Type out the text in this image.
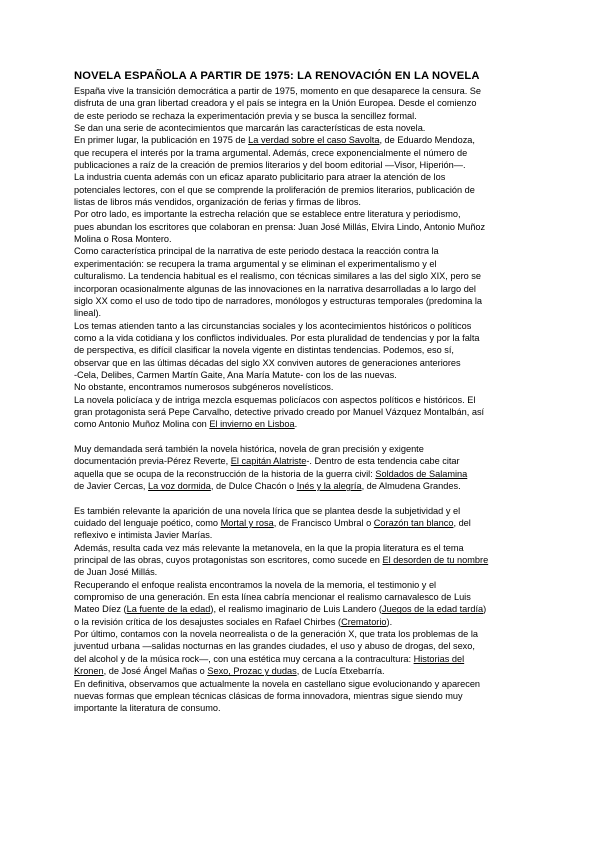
NOVELA ESPAÑOLA A PARTIR DE 1975: LA RENOVACIÓN EN LA NOVELA

España vive la transición democrática a partir de 1975, momento en que desaparece la censura. Se

disfruta de una gran libertad creadora y el país se integra en la Unión Europea. Desde el comienzo

de este periodo se rechaza la experimentación previa y se busca la sencillez formal.

Se dan una serie de acontecimientos que marcarán las características de esta novela.

En primer lugar, la publicación en 1975 de La verdad sobre el caso Savolta, de Eduardo Mendoza,

que recupera el interés por la trama argumental. Además, crece exponencialmente el número de

publicaciones a raíz de la creación de premios literarios y del boom editorial —Visor, Hiperión—.

La industria cuenta además con un eficaz aparato publicitario para atraer la atención de los

potenciales lectores, con el que se comprende la proliferación de premios literarios, publicación de

listas de libros más vendidos, organización de ferias y firmas de libros.

Por otro lado, es importante la estrecha relación que se establece entre literatura y periodismo,

pues abundan los escritores que colaboran en prensa: Juan José Millás, Elvira Lindo, Antonio Muñoz

Molina o Rosa Montero.

Como característica principal de la narrativa de este periodo destaca la reacción contra la

experimentación: se recupera la trama argumental y se eliminan el experimentalismo y el

culturalismo. La tendencia habitual es el realismo, con técnicas similares a las del siglo XIX, pero se

incorporan ocasionalmente algunas de las innovaciones en la narrativa desarrolladas a lo largo del

siglo XX como el uso de todo tipo de narradores, monólogos y estructuras temporales (predomina la

lineal).

Los temas atienden tanto a las circunstancias sociales y los acontecimientos históricos o políticos

como a la vida cotidiana y los conflictos individuales. Por esta pluralidad de tendencias y por la falta

de perspectiva, es difícil clasificar la novela vigente en distintas tendencias. Podemos, eso sí,

observar que en las últimas décadas del siglo XX conviven autores de generaciones anteriores

-Cela, Delibes, Carmen Martín Gaite, Ana María Matute- con los de las nuevas.

No obstante, encontramos numerosos subgéneros novelísticos.

La novela policíaca y de intriga mezcla esquemas policíacos con aspectos políticos e históricos. El

gran protagonista será Pepe Carvalho, detective privado creado por Manuel Vázquez Montalbán, así

como Antonio Muñoz Molina con El invierno en Lisboa.

Muy demandada será también la novela histórica, novela de gran precisión y exigente

documentación previa-Pérez Reverte, El capitán Alatriste-. Dentro de esta tendencia cabe citar

aquella que se ocupa de la reconstrucción de la historia de la guerra civil: Soldados de Salamina

de Javier Cercas, La voz dormida, de Dulce Chacón o Inés y la alegría, de Almudena Grandes.

Es también relevante la aparición de una novela lírica que se plantea desde la subjetividad y el

cuidado del lenguaje poético, como Mortal y rosa, de Francisco Umbral o Corazón tan blanco, del

reflexivo e intimista Javier Marías.

Además, resulta cada vez más relevante la metanovela, en la que la propia literatura es el tema

principal de las obras, cuyos protagonistas son escritores, como sucede en El desorden de tu nombre

de Juan José Millás.

Recuperando el enfoque realista encontramos la novela de la memoria, el testimonio y el

compromiso de una generación. En esta línea cabría mencionar el realismo carnavalesco de Luis

Mateo Díez (La fuente de la edad), el realismo imaginario de Luis Landero (Juegos de la edad tardía)

o la revisión crítica de los desajustes sociales en Rafael Chirbes (Crematorio).

Por último, contamos con la novela neorrealista o de la generación X, que trata los problemas de la

juventud urbana —salidas nocturnas en las grandes ciudades, el uso y abuso de drogas, del sexo,

del alcohol y de la música rock—, con una estética muy cercana a la contracultura: Historias del

Kronen, de José Ángel Mañas o Sexo, Prozac y dudas, de Lucía Etxebarría.

En definitiva, observamos que actualmente la novela en castellano sigue evolucionando y aparecen

nuevas formas que emplean técnicas clásicas de forma innovadora, mientras sigue siendo muy

importante la literatura de consumo.
